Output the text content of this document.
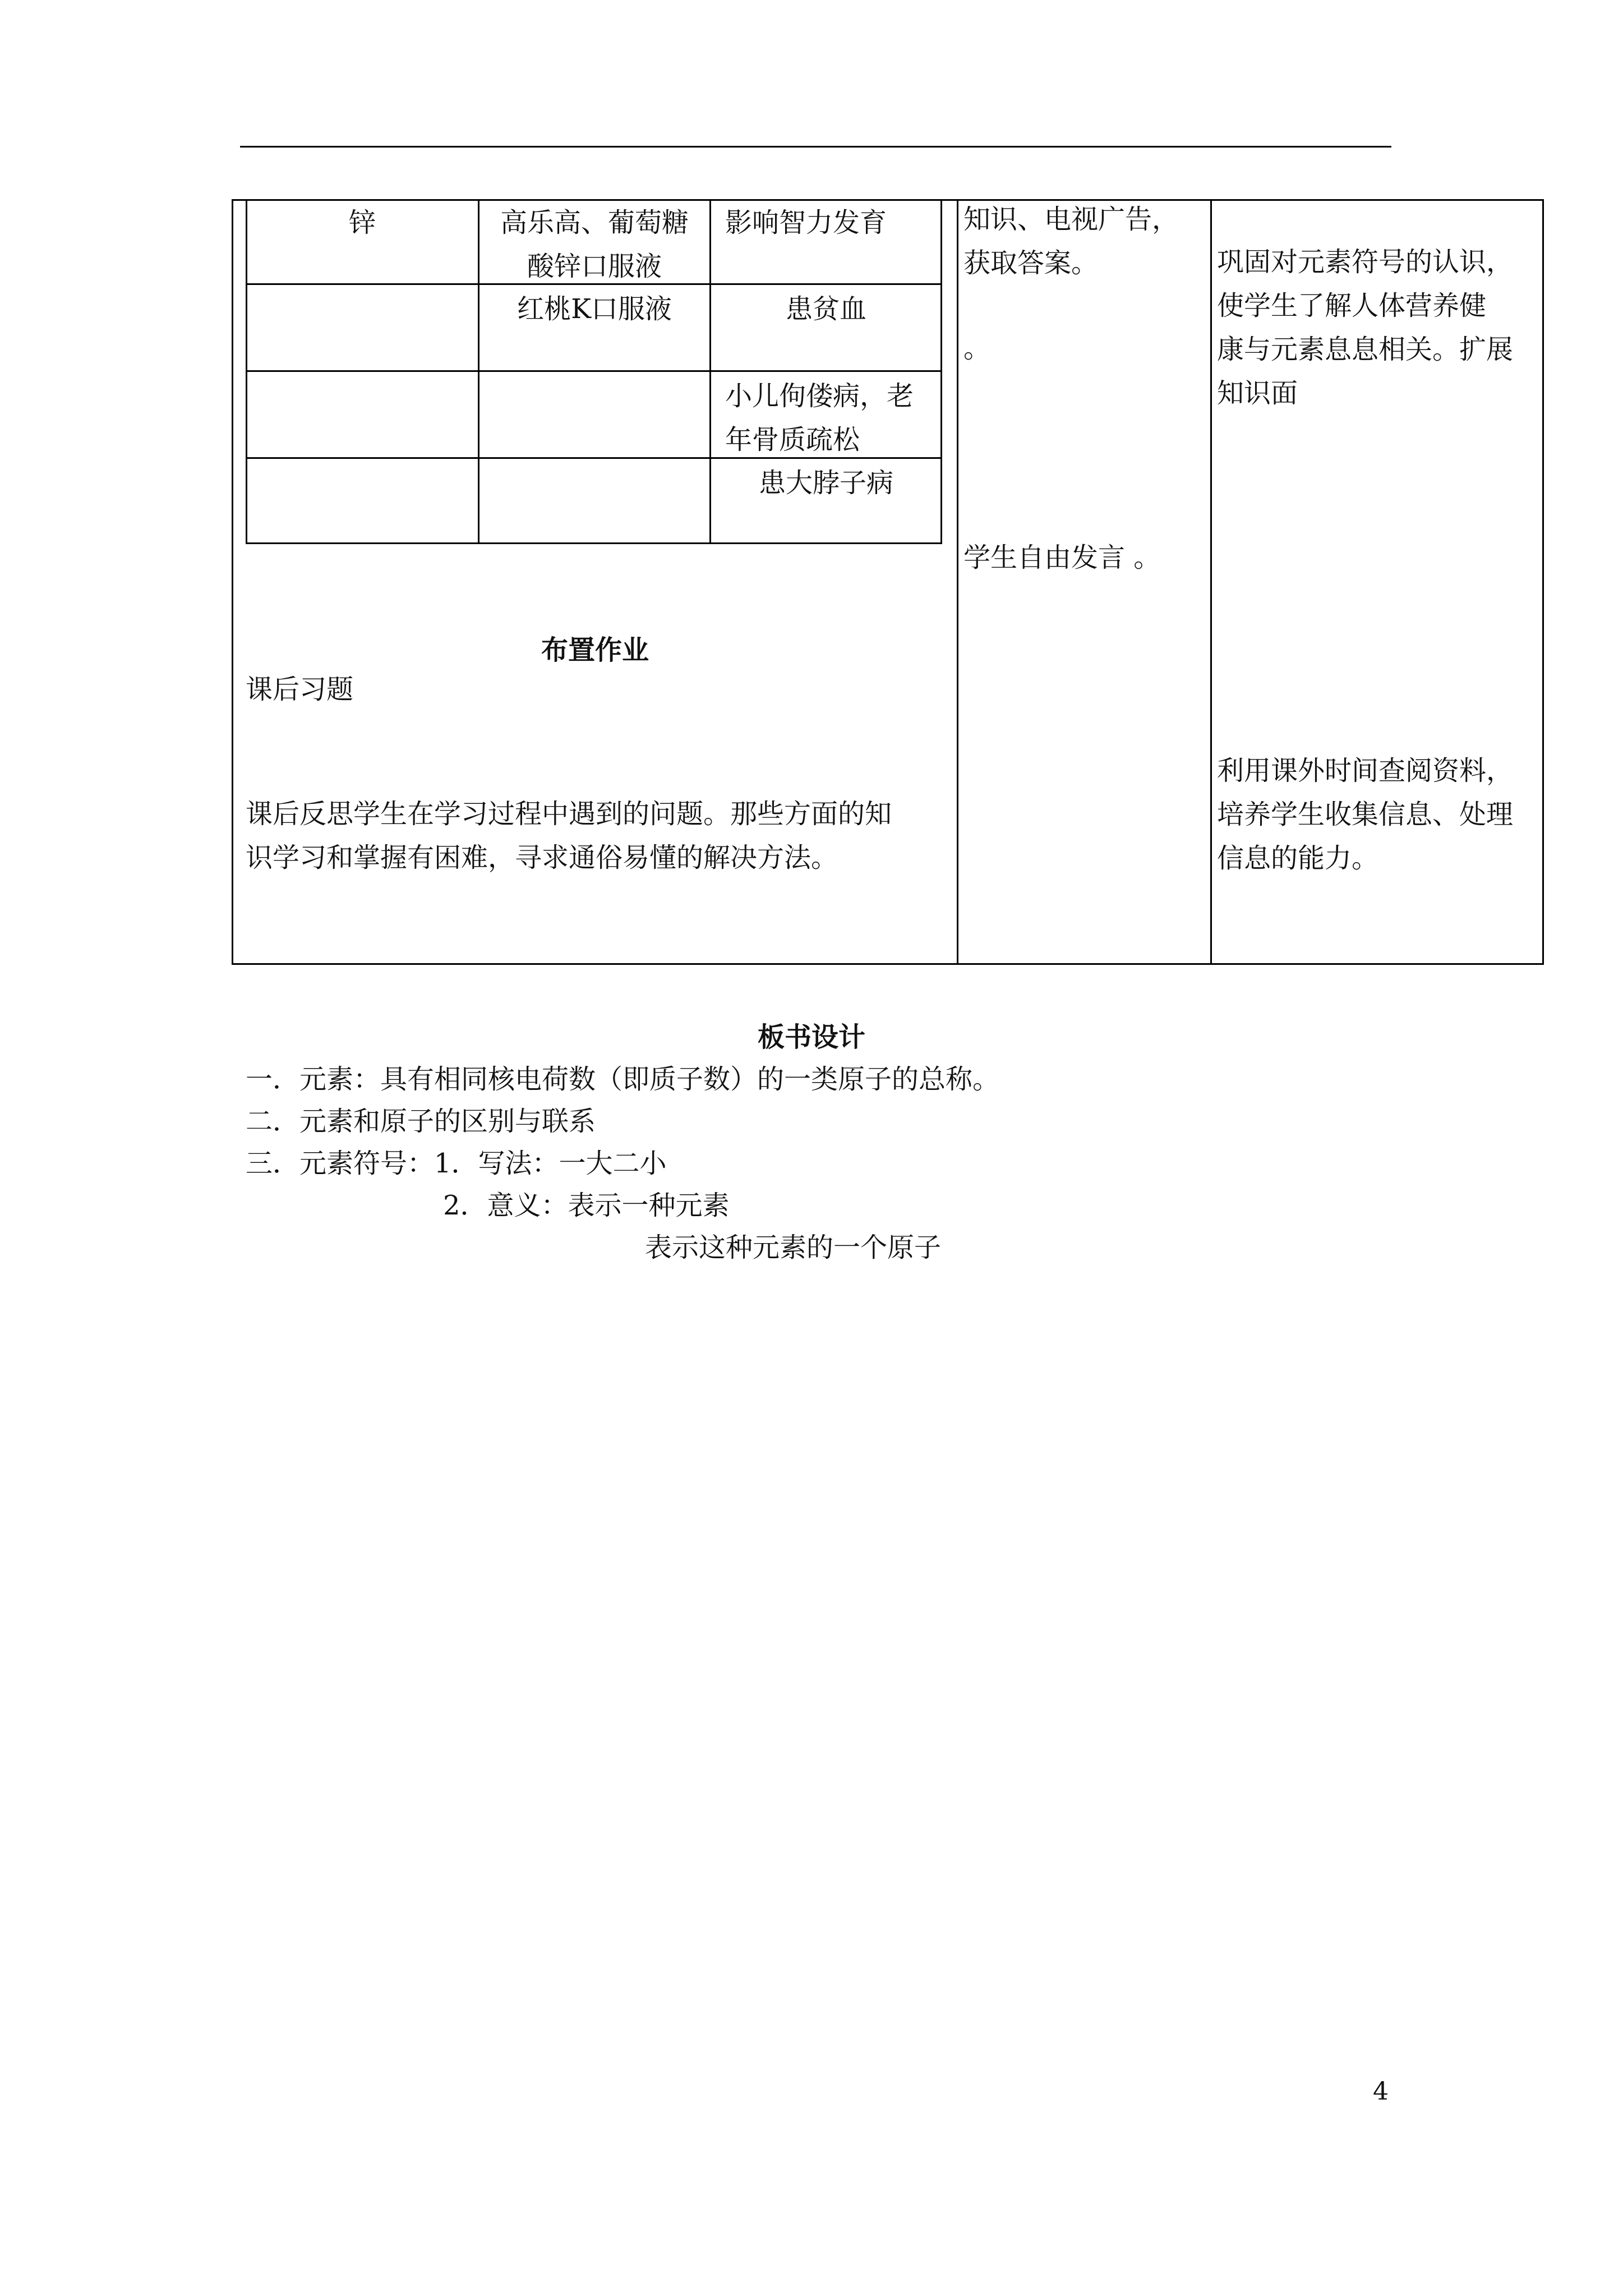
锌	高乐高、葡萄糖
酸锌口服液
影响智力发育
红桃K口服液	患贫血
小儿佝偻病，老
年骨质疏松
患大脖子病
布置作业
课后习题
课后反思学生在学习过程中遇到的问题。那些方面的知
识学习和掌握有困难，寻求通俗易懂的解决方法。
知识、电视广告，
获取答案。
。
学生自由发言 。
巩固对元素符号的认识，
使学生了解人体营养健
康与元素息息相关。扩展
知识面
利用课外时间查阅资料，
培养学生收集信息、处理
信息的能力。
板书设计
一．元素：具有相同核电荷数（即质子数）的一类原子的总称。
二．元素和原子的区别与联系
三．元素符号：1．写法：一大二小
2．意义：表示一种元素
表示这种元素的一个原子
4
